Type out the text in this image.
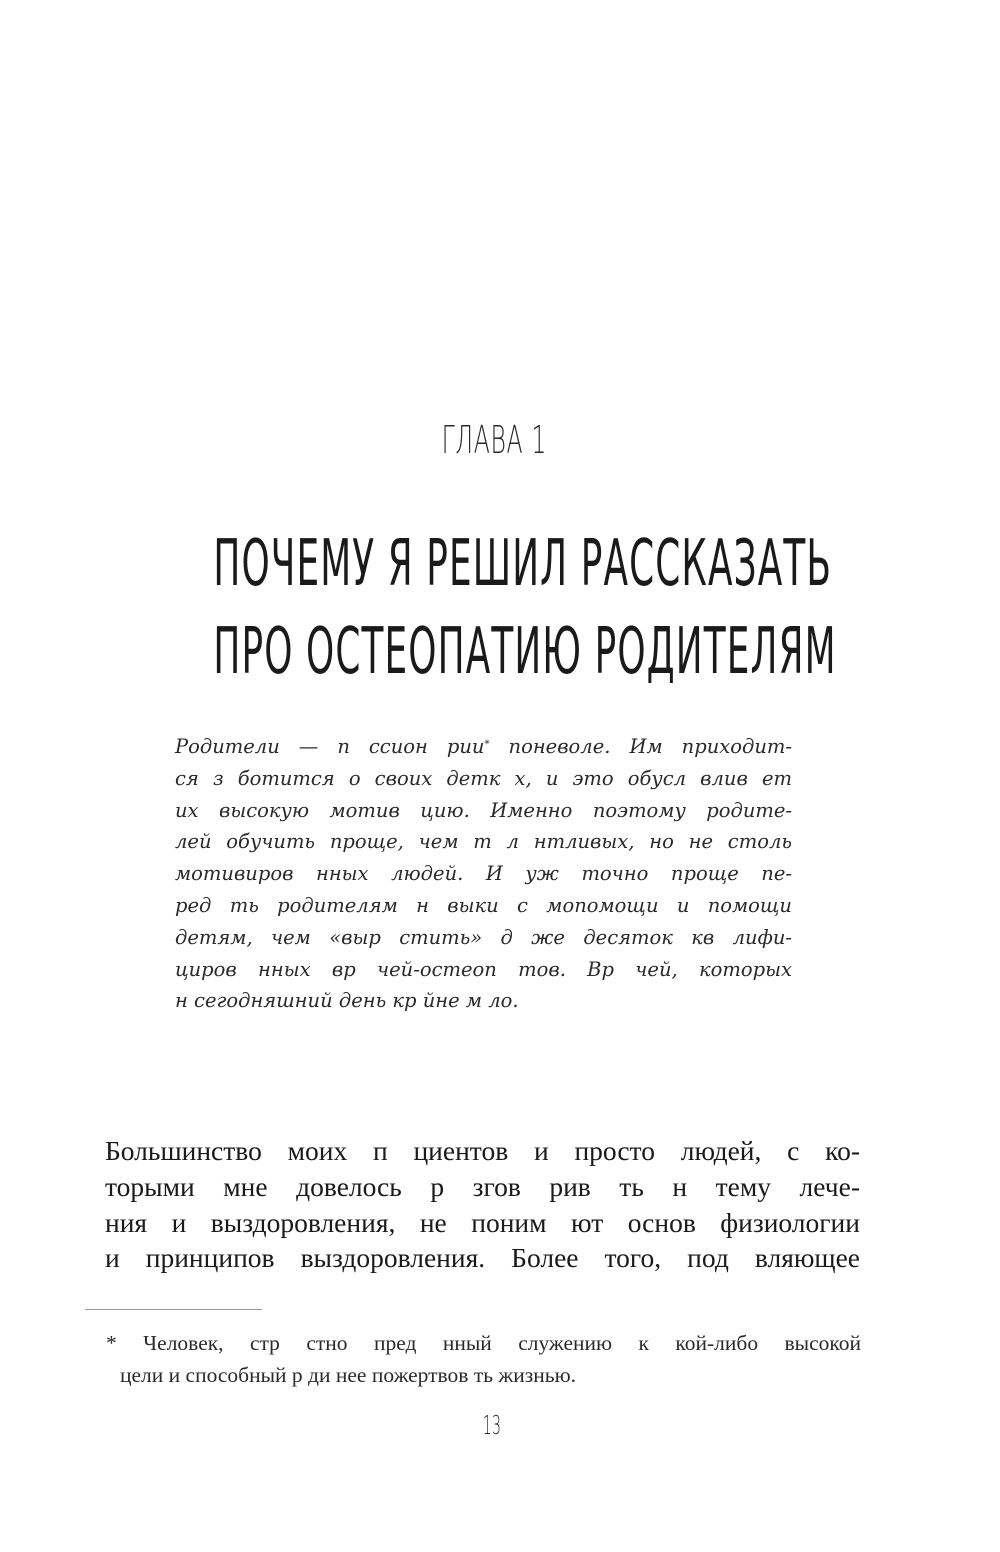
ГЛАВА 1
ПОЧЕМУ Я РЕШИЛ РАССКАЗАТЬ
ПРО ОСТЕОПАТИЮ РОДИТЕЛЯМ
Родители — п ссион рии* поневоле. Им приходит-
ся з ботится о своих детк х, и это обусл влив ет
их высокую мотив цию. Именно поэтому родите-
лей обучить проще, чем т л нтливых, но не столь
мотивиров нных людей. И уж точно проще пе-
ред ть родителям н выки с мопомощи и помощи
детям, чем «выр стить» д же десяток кв лифи-
циров нных вр чей-остеоп тов. Вр чей, которых
н сегодняшний день кр йне м ло.
Большинство моих п циентов и просто людей, с ко-
торыми мне довелось р згов рив ть н тему лече-
ния и выздоровления, не поним ют основ физиологии
и принципов выздоровления. Более того, под вляющее
* Человек, стр стно пред нный служению к кой-либо высокой
цели и способный р ди нее пожертвов ть жизнью.
13
